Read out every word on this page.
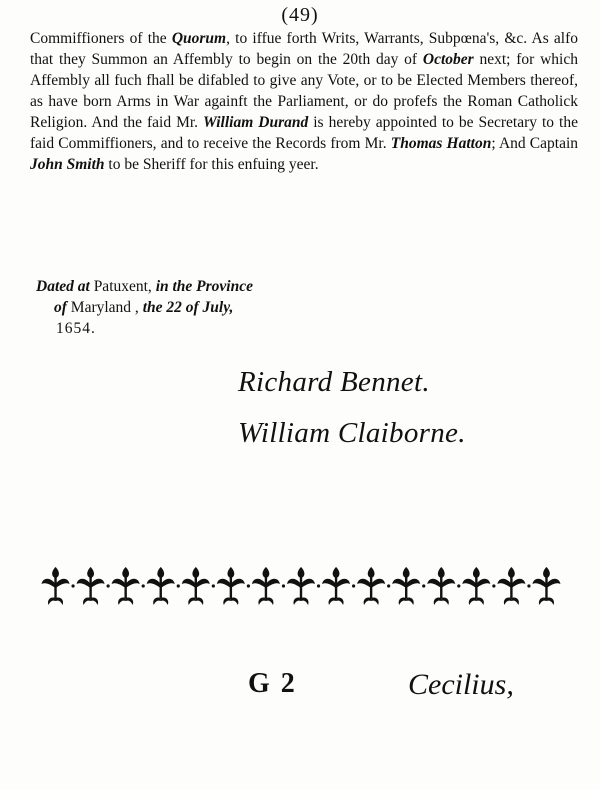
(49)

Commiffioners of the Quorum, to iffue forth Writs, Warrants, Subpœna's, &c. As alfo that they Summon an Affembly to begin on the 20th day of October next; for which Affembly all fuch fhall be difabled to give any Vote, or to be Elected Members thereof, as have born Arms in War againft the Parliament, or do profefs the Roman Catholick Religion. And the faid Mr. William Durand is hereby appointed to be Secretary to the faid Commiffioners, and to receive the Records from Mr. Thomas Hatton; And Captain John Smith to be Sheriff for this enfuing yeer.

Dated at Patuxent, in the Province
of Maryland , the 22 of July,
1654.
Richard Bennet.
William Claiborne.
G 2	Cecilius,
